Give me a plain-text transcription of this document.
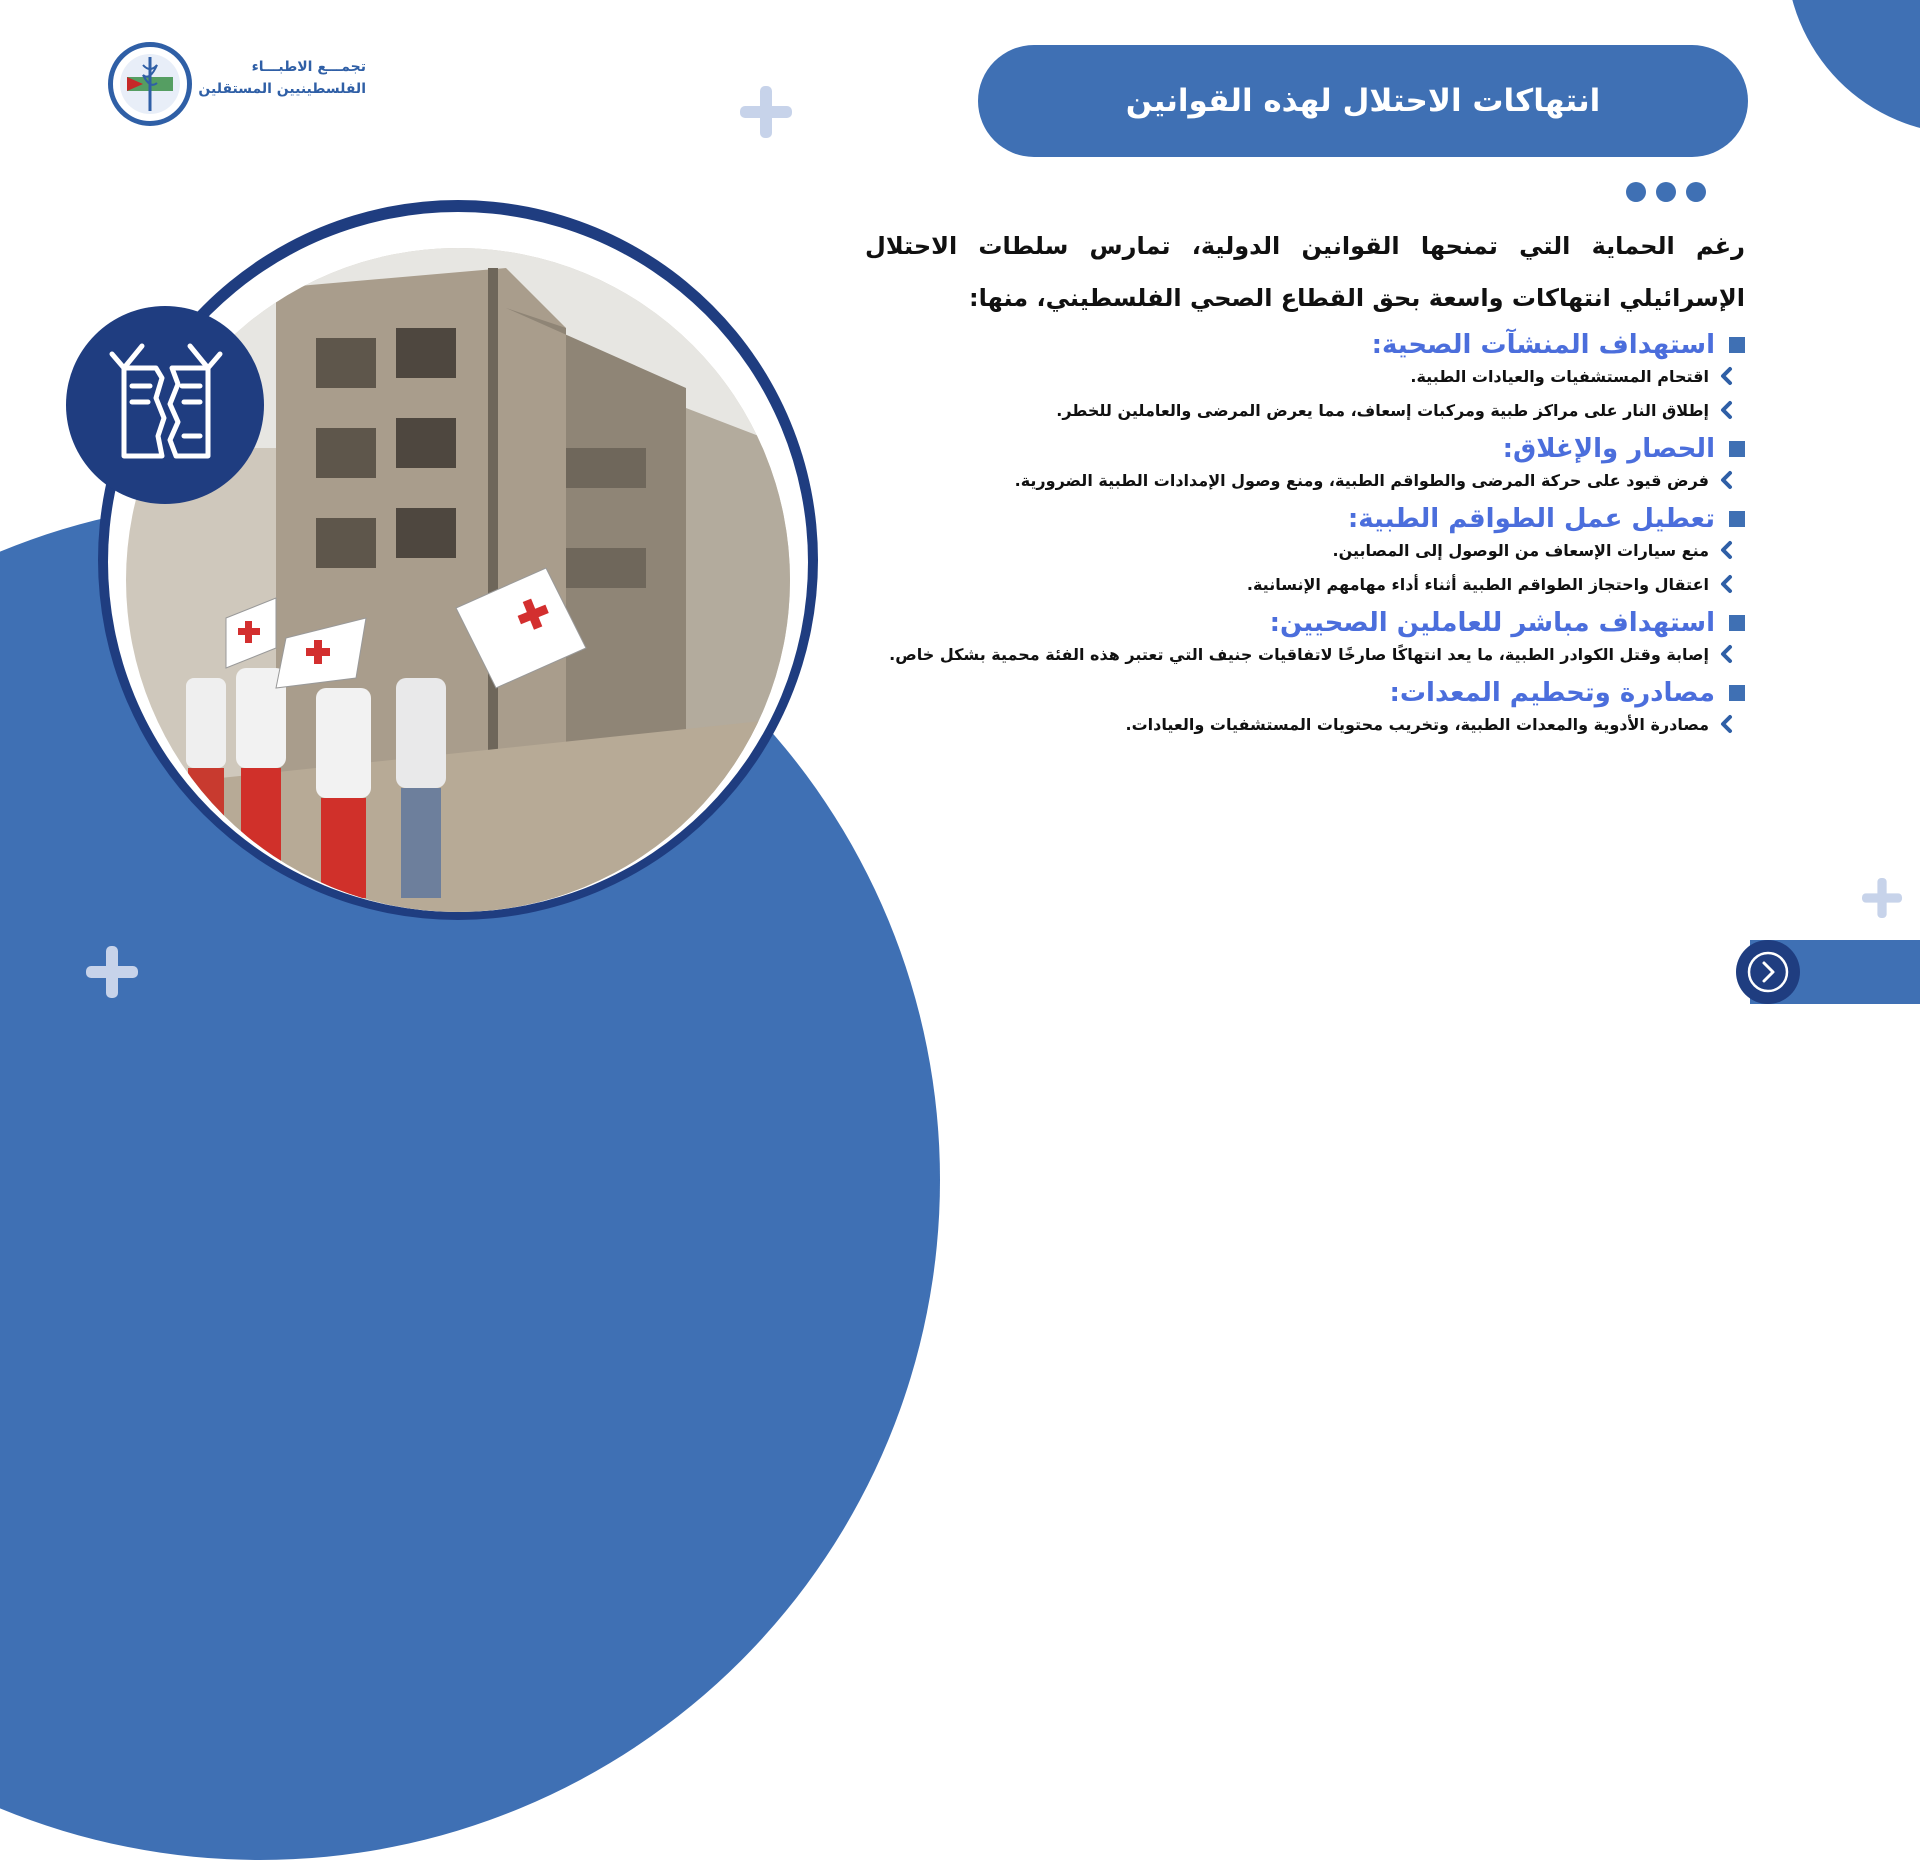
تجمـــع الاطبـــاء
الفلسطينيين المستقلين	انتهاكات الاحتلال لهذه القوانين

رغم الحماية التي تمنحها القوانين الدولية، تمارس سلطات الاحتلال الإسرائيلي انتهاكات واسعة بحق القطاع الصحي الفلسطيني، منها:

استهداف المنشآت الصحية:
اقتحام المستشفيات والعيادات الطبية.
إطلاق النار على مراكز طبية ومركبات إسعاف، مما يعرض المرضى والعاملين للخطر.
الحصار والإغلاق:
فرض قيود على حركة المرضى والطواقم الطبية، ومنع وصول الإمدادات الطبية الضرورية.
تعطيل عمل الطواقم الطبية:
منع سيارات الإسعاف من الوصول إلى المصابين.
اعتقال واحتجاز الطواقم الطبية أثناء أداء مهامهم الإنسانية.
استهداف مباشر للعاملين الصحيين:
إصابة وقتل الكوادر الطبية، ما يعد انتهاكًا صارخًا لاتفاقيات جنيف التي تعتبر هذه الفئة محمية بشكل خاص.
مصادرة وتحطيم المعدات:
مصادرة الأدوية والمعدات الطبية، وتخريب محتويات المستشفيات والعيادات.
